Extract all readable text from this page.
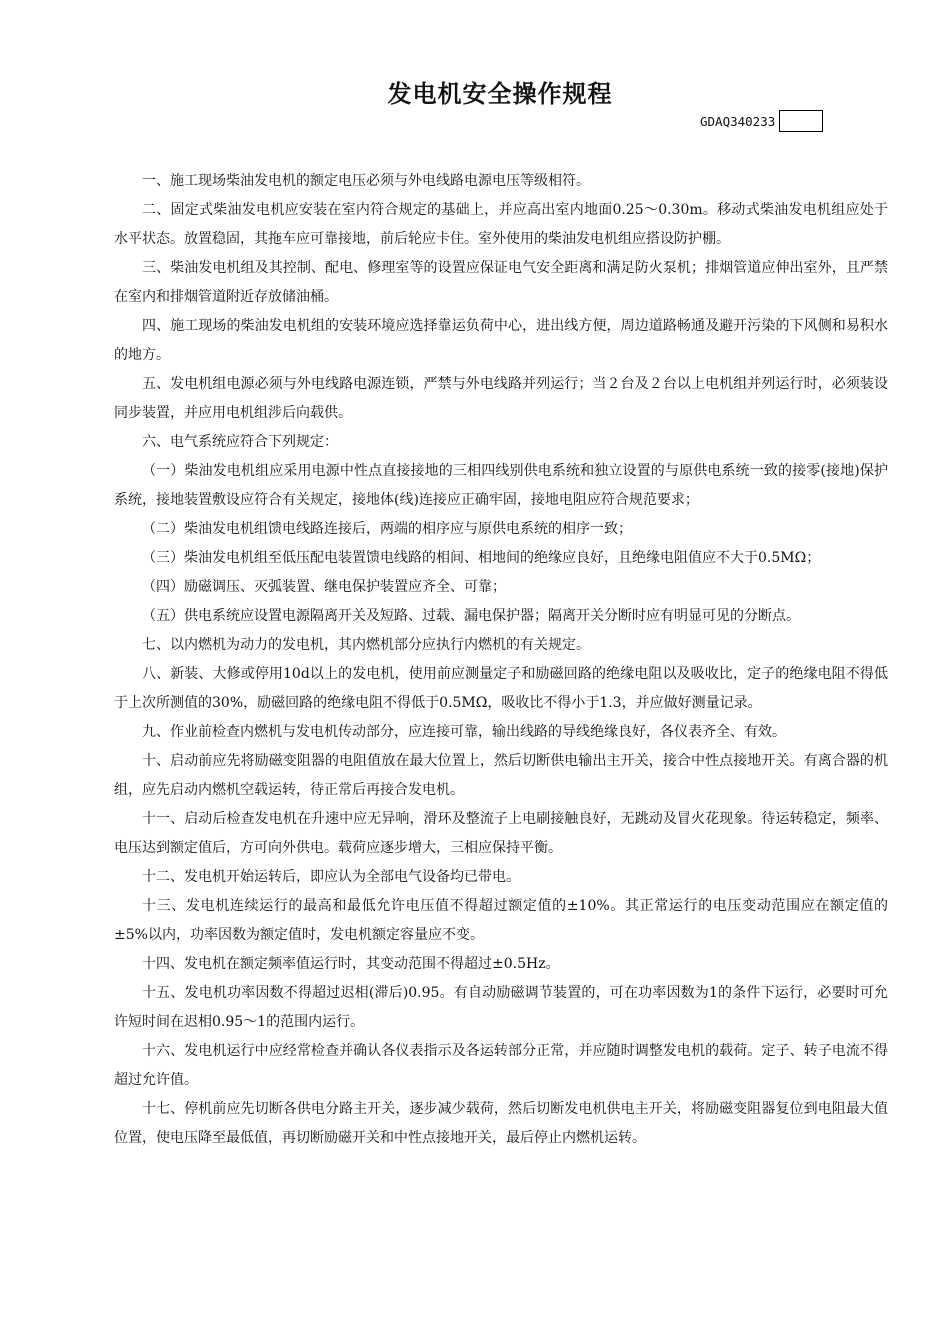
发电机安全操作规程
GDAQ340233

一、施工现场柴油发电机的额定电压必须与外电线路电源电压等级相符。

二、固定式柴油发电机应安装在室内符合规定的基础上，并应高出室内地面0.25～0.30m。移动式柴油发电机组应处于水平状态。放置稳固，其拖车应可靠接地，前后轮应卡住。室外使用的柴油发电机组应搭设防护棚。

三、柴油发电机组及其控制、配电、修理室等的设置应保证电气安全距离和满足防火泵机；排烟管道应伸出室外，且严禁在室内和排烟管道附近存放储油桶。

四、施工现场的柴油发电机组的安装环境应选择靠运负荷中心，进出线方便，周边道路畅通及避开污染的下风侧和易积水的地方。

五、发电机组电源必须与外电线路电源连锁，严禁与外电线路并列运行；当２台及２台以上电机组并列运行时，必须装设同步装置，并应用电机组涉后向载供。

六、电气系统应符合下列规定：

（一）柴油发电机组应采用电源中性点直接接地的三相四线别供电系统和独立设置的与原供电系统一致的接零(接地)保护系统，接地装置敷设应符合有关规定，接地体(线)连接应正确牢固，接地电阻应符合规范要求；

（二）柴油发电机组馈电线路连接后，两端的相序应与原供电系统的相序一致；

（三）柴油发电机组至低压配电装置馈电线路的相间、相地间的绝缘应良好，且绝缘电阻值应不大于0.5MΩ；

（四）励磁调压、灭弧装置、继电保护装置应齐全、可靠；

（五）供电系统应设置电源隔离开关及短路、过载、漏电保护器；隔离开关分断时应有明显可见的分断点。

七、以内燃机为动力的发电机，其内燃机部分应执行内燃机的有关规定。

八、新装、大修或停用10d以上的发电机，使用前应测量定子和励磁回路的绝缘电阻以及吸收比，定子的绝缘电阻不得低于上次所测值的30%，励磁回路的绝缘电阻不得低于0.5MΩ，吸收比不得小于1.3，并应做好测量记录。

九、作业前检查内燃机与发电机传动部分，应连接可靠，输出线路的导线绝缘良好，各仪表齐全、有效。

十、启动前应先将励磁变阻器的电阻值放在最大位置上，然后切断供电输出主开关，接合中性点接地开关。有离合器的机组，应先启动内燃机空载运转，待正常后再接合发电机。

十一、启动后检查发电机在升速中应无异响，滑环及整流子上电刷接触良好，无跳动及冒火花现象。待运转稳定，频率、电压达到额定值后，方可向外供电。载荷应逐步增大，三相应保持平衡。

十二、发电机开始运转后，即应认为全部电气设备均已带电。

十三、发电机连续运行的最高和最低允许电压值不得超过额定值的±10%。其正常运行的电压变动范围应在额定值的±5%以内，功率因数为额定值时，发电机额定容量应不变。

十四、发电机在额定频率值运行时，其变动范围不得超过±0.5Hz。

十五、发电机功率因数不得超过迟相(滞后)0.95。有自动励磁调节装置的，可在功率因数为1的条件下运行，必要时可允许短时间在迟相0.95～1的范围内运行。

十六、发电机运行中应经常检查并确认各仪表指示及各运转部分正常，并应随时调整发电机的载荷。定子、转子电流不得超过允许值。

十七、停机前应先切断各供电分路主开关，逐步减少载荷，然后切断发电机供电主开关，将励磁变阻器复位到电阻最大值位置，使电压降至最低值，再切断励磁开关和中性点接地开关，最后停止内燃机运转。
